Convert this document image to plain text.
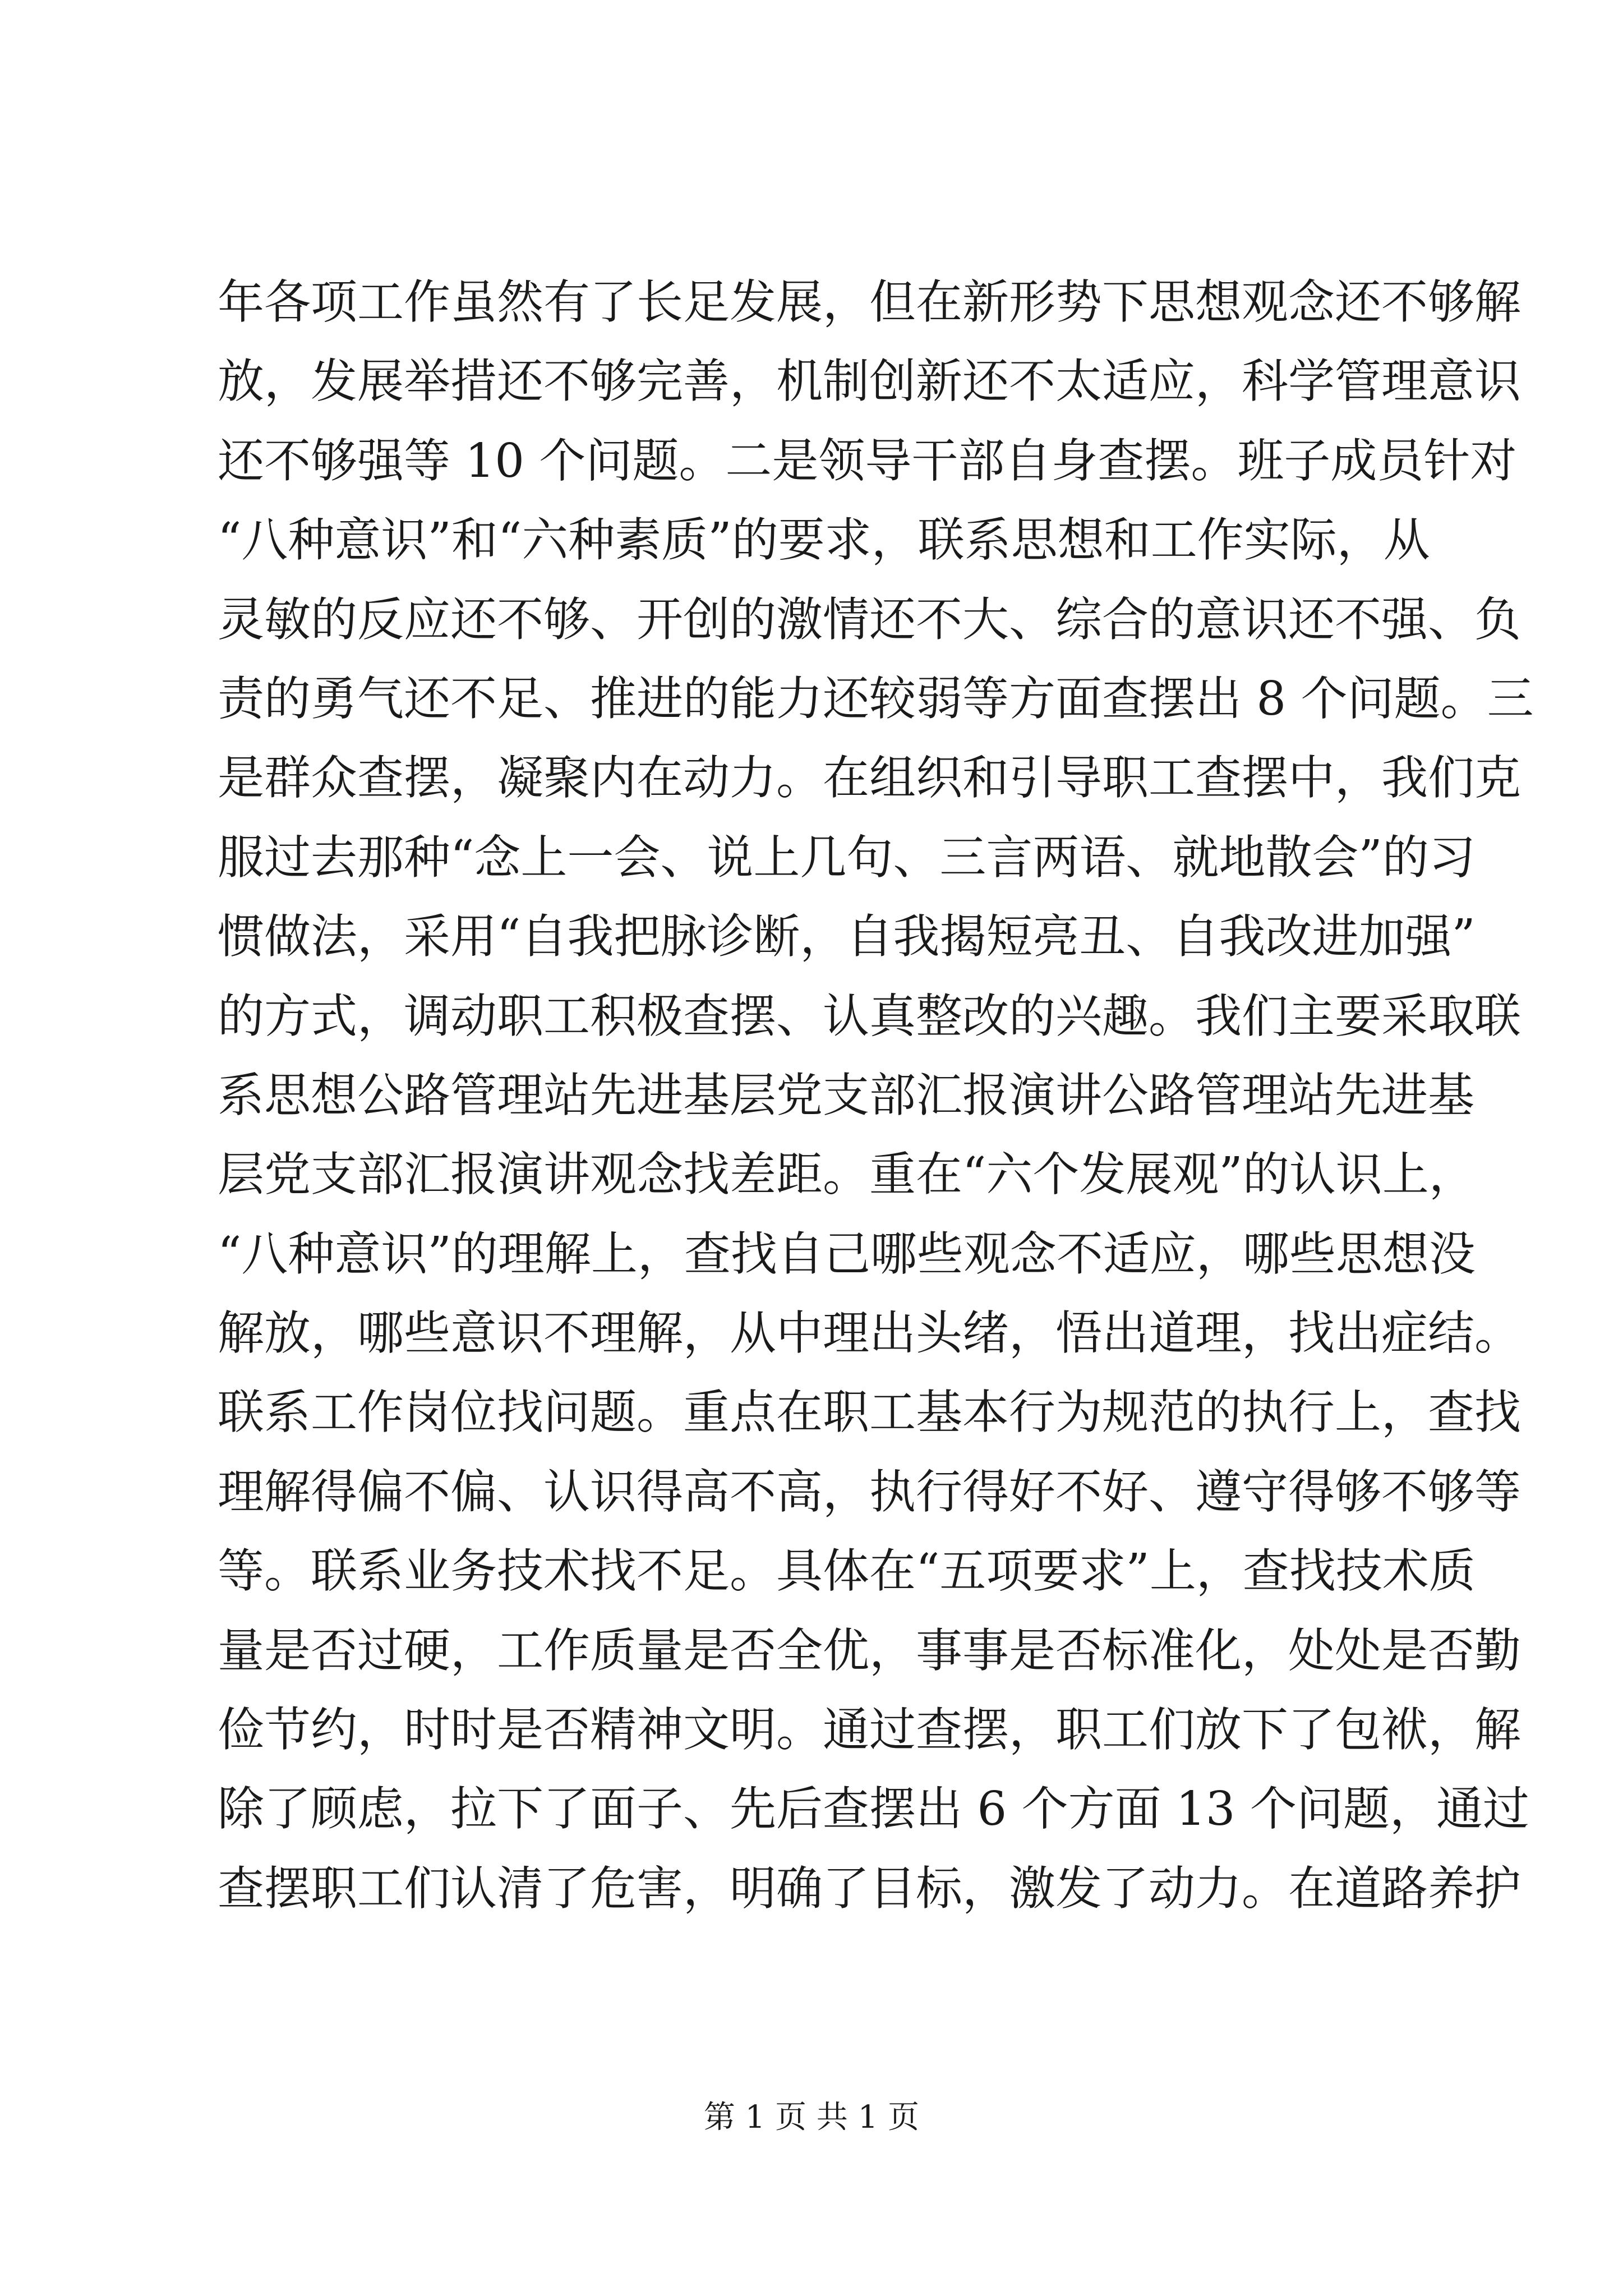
年各项工作虽然有了长足发展，但在新形势下思想观念还不够解
放，发展举措还不够完善，机制创新还不太适应，科学管理意识
还不够强等 10 个问题。二是领导干部自身查摆。班子成员针对
“八种意识”和“六种素质”的要求，联系思想和工作实际，从
灵敏的反应还不够、开创的激情还不大、综合的意识还不强、负
责的勇气还不足、推进的能力还较弱等方面查摆出 8 个问题。三
是群众查摆，凝聚内在动力。在组织和引导职工查摆中，我们克
服过去那种“念上一会、说上几句、三言两语、就地散会”的习
惯做法，采用“自我把脉诊断，自我揭短亮丑、自我改进加强”
的方式，调动职工积极查摆、认真整改的兴趣。我们主要采取联
系思想公路管理站先进基层党支部汇报演讲公路管理站先进基
层党支部汇报演讲观念找差距。重在“六个发展观”的认识上，
“八种意识”的理解上，查找自己哪些观念不适应，哪些思想没
解放，哪些意识不理解，从中理出头绪，悟出道理，找出症结。
联系工作岗位找问题。重点在职工基本行为规范的执行上，查找
理解得偏不偏、认识得高不高，执行得好不好、遵守得够不够等
等。联系业务技术找不足。具体在“五项要求”上，查找技术质
量是否过硬，工作质量是否全优，事事是否标准化，处处是否勤
俭节约，时时是否精神文明。通过查摆，职工们放下了包袱，解
除了顾虑，拉下了面子、先后查摆出 6 个方面 13 个问题，通过
查摆职工们认清了危害，明确了目标，激发了动力。在道路养护
第 1 页 共 1 页
